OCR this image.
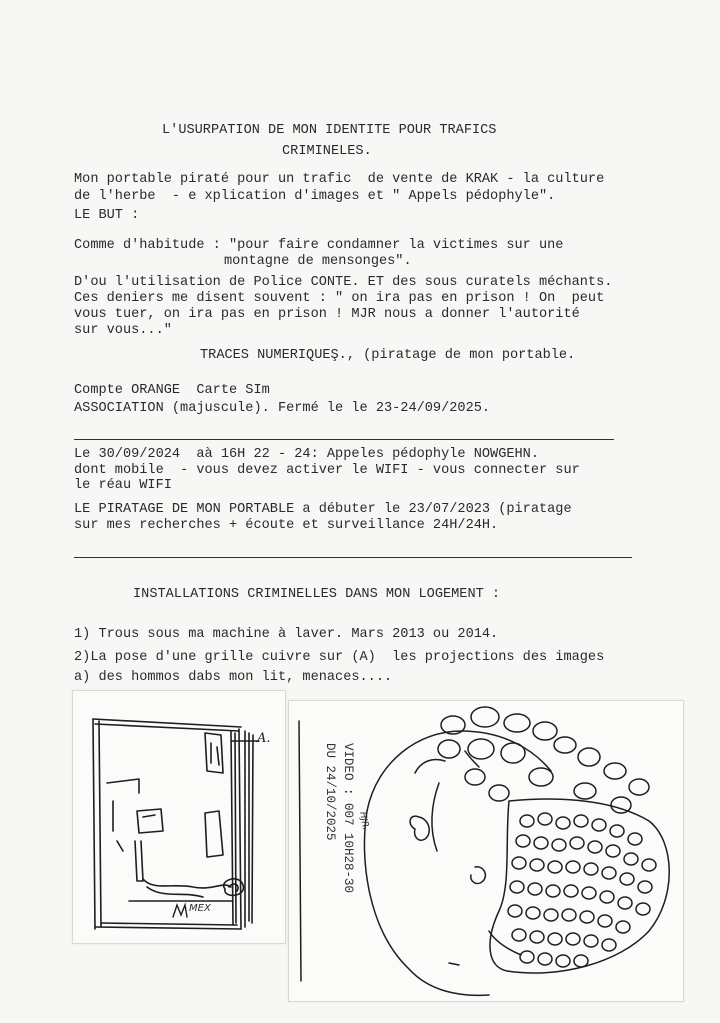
L'USURPATION DE MON IDENTITE POUR TRAFICS

CRIMINELES.

Mon portable piraté pour un trafic  de vente de KRAK - la culture

de l'herbe  - e xplication d'images et " Appels pédophyle".

LE BUT :

Comme d'habitude : "pour faire condamner la victimes sur une

montagne de mensonges".

D'ou l'utilisation de Police CONTE. ET des sous curatels méchants.

Ces deniers me disent souvent : " on ira pas en prison ! On  peut

vous tuer, on ira pas en prison ! MJR nous a donner l'autorité

sur vous..."

TRACES NUMERIQUEŞ., (piratage de mon portable.

Compte ORANGE  Carte SIm

ASSOCIATION (majuscule). Fermé le le 23-24/09/2025.

Le 30/09/2024  aà 16H 22 - 24: Appeles pédophyle NOWGEHN.

dont mobile  - vous devez activer le WIFI - vous connecter sur

le réau WIFI

LE PIRATAGE DE MON PORTABLE a débuter le 23/07/2023 (piratage

sur mes recherches + écoute et surveillance 24H/24H.

INSTALLATIONS CRIMINELLES DANS MON LOGEMENT :

1) Trous sous ma machine à laver. Mars 2013 ou 2014.

2)La pose d'une grille cuivre sur (A)  les projections des images

a) des hommos dabs mon lit, menaces....

A.
MEX
VIDEO : 007 10H28-30
DU 24/10/2025 HJR.
